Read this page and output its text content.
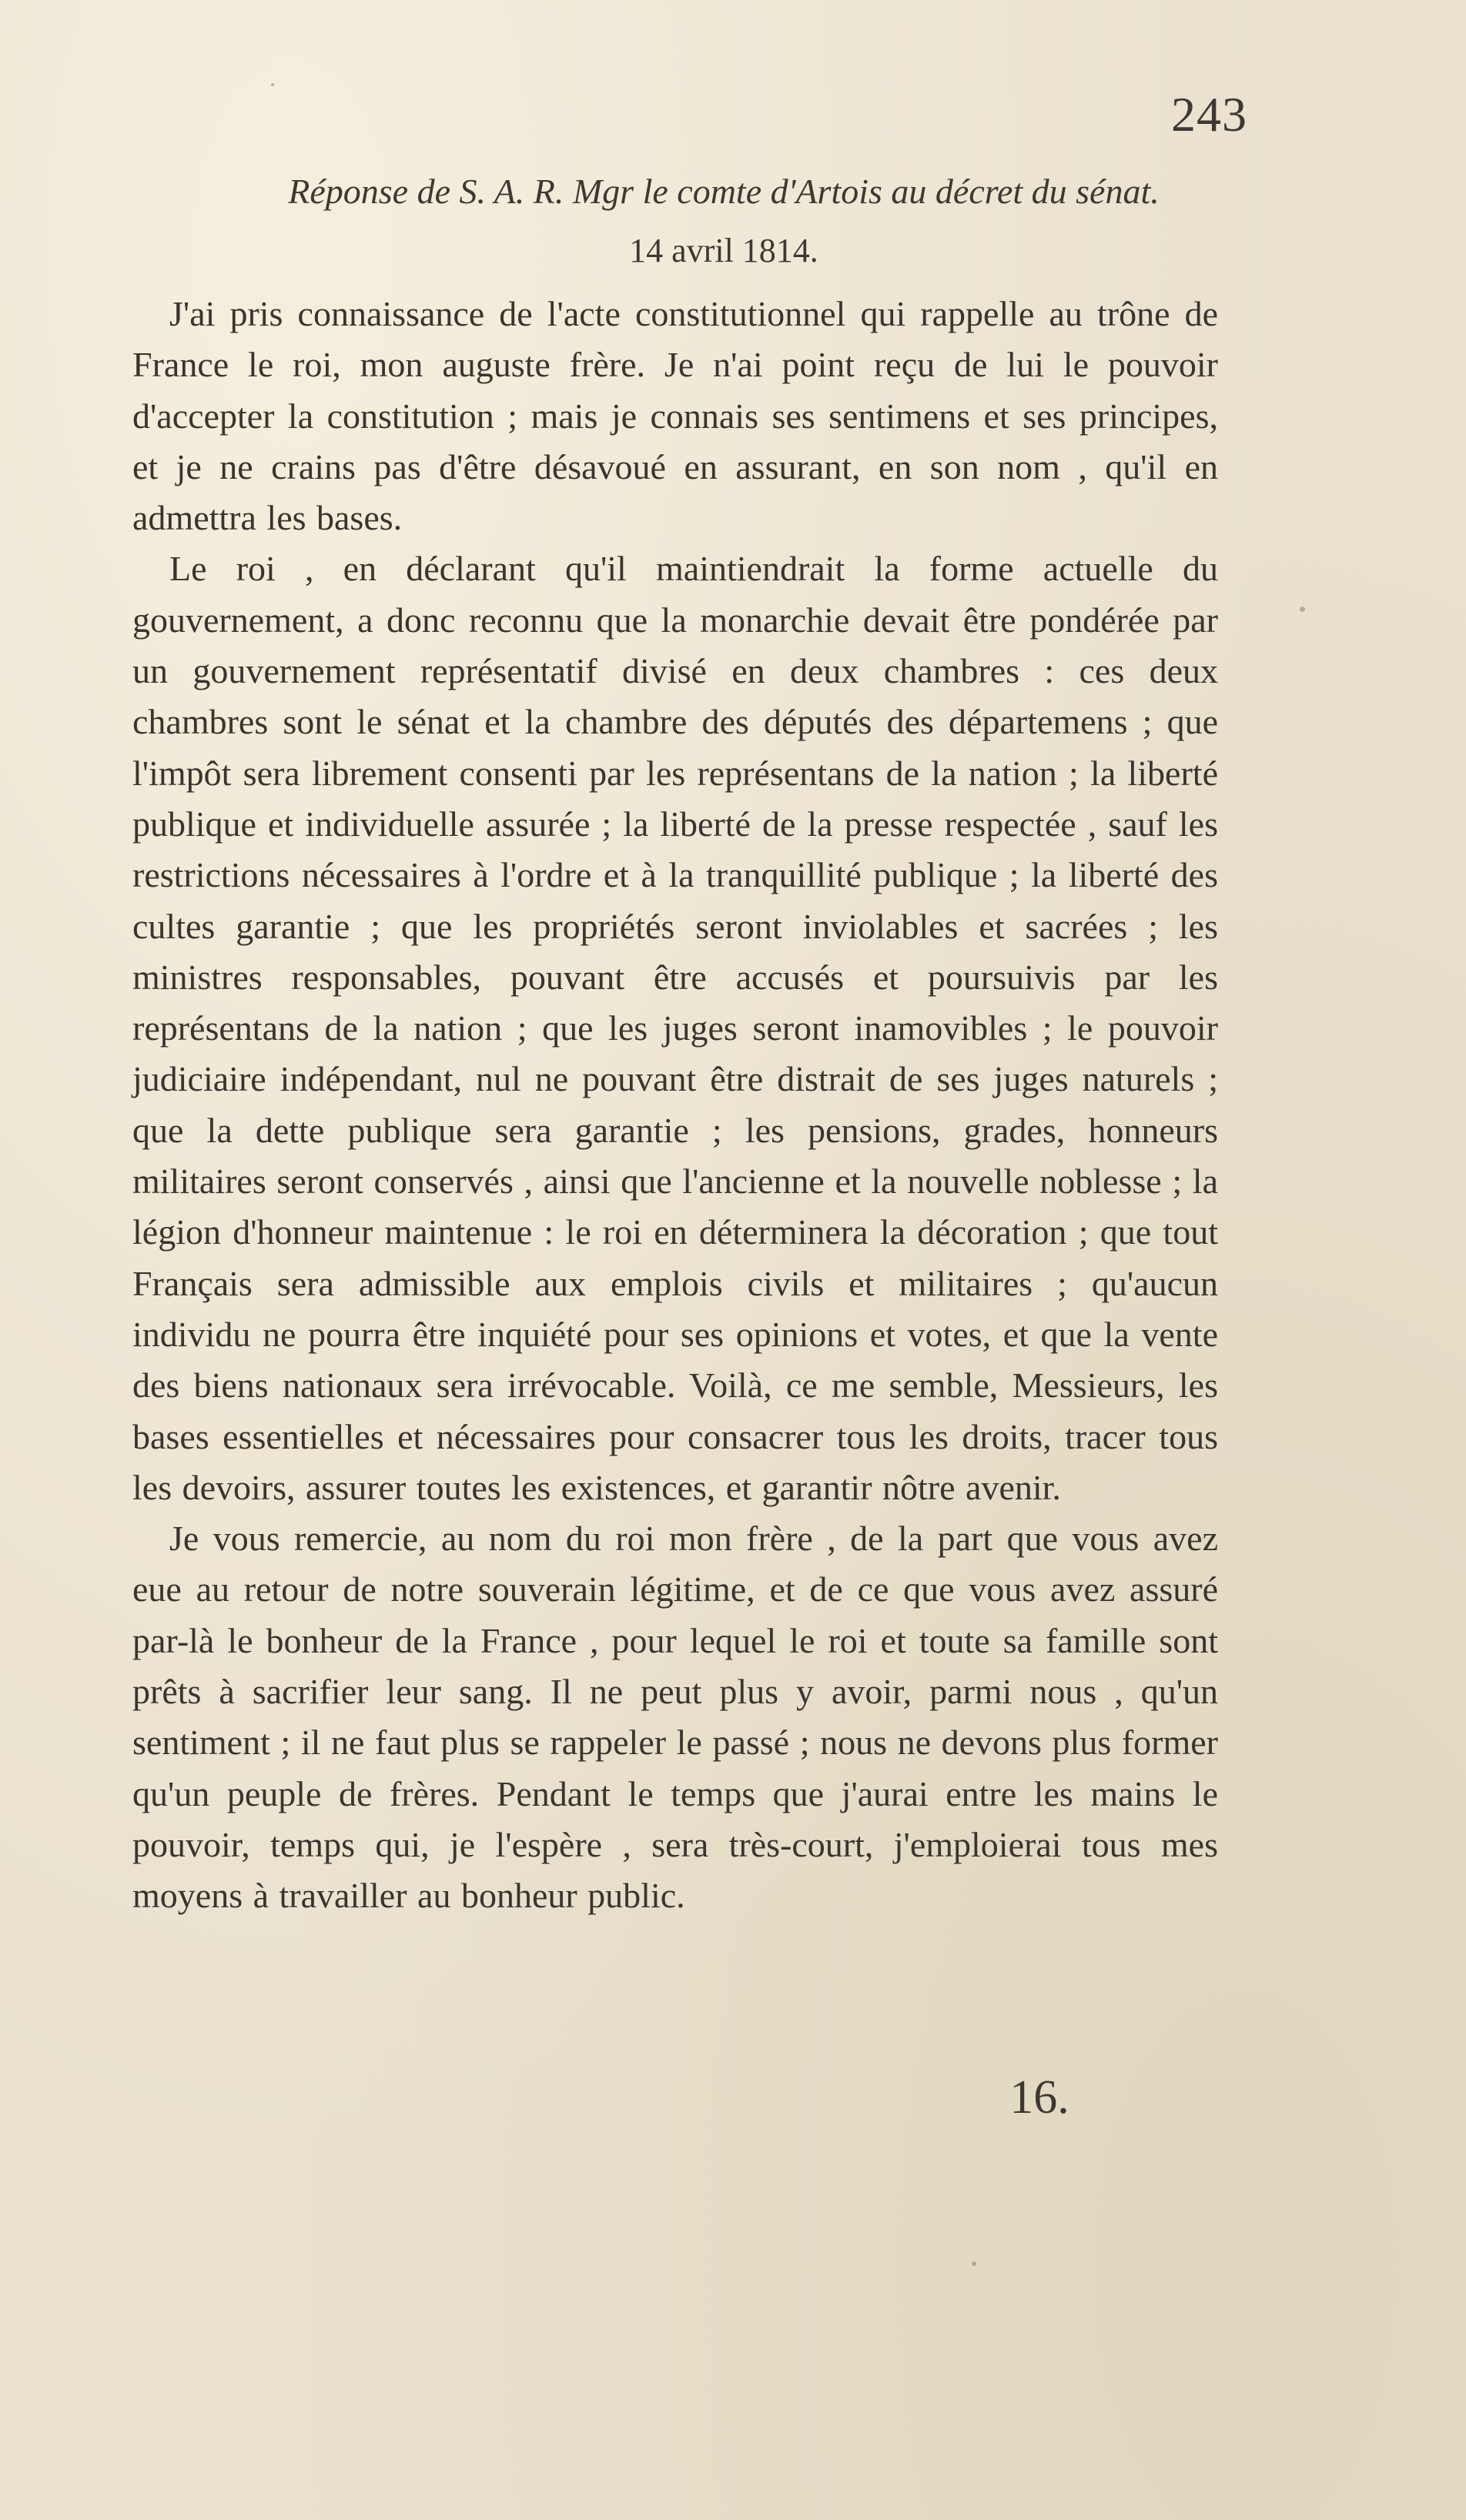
243
Réponse de S. A. R. Mgr le comte d'Artois au décret du sénat.
14 avril 1814.

J'ai pris connaissance de l'acte constitutionnel qui rappelle au trône de France le roi, mon auguste frère. Je n'ai point reçu de lui le pouvoir d'accepter la constitution ; mais je connais ses sentimens et ses principes, et je ne crains pas d'être désavoué en assurant, en son nom , qu'il en admettra les bases.

Le roi , en déclarant qu'il maintiendrait la forme actuelle du gouvernement, a donc reconnu que la monarchie devait être pondérée par un gouvernement représentatif divisé en deux chambres : ces deux chambres sont le sénat et la chambre des députés des départemens ; que l'impôt sera librement consenti par les représentans de la nation ; la liberté publique et individuelle assurée ; la liberté de la presse respectée , sauf les restrictions nécessaires à l'ordre et à la tranquillité publique ; la liberté des cultes garantie ; que les propriétés seront inviolables et sacrées ; les ministres responsables, pouvant être accusés et poursuivis par les représentans de la nation ; que les juges seront inamovibles ; le pouvoir judiciaire indépendant, nul ne pouvant être distrait de ses juges naturels ; que la dette publique sera garantie ; les pensions, grades, honneurs militaires seront conservés , ainsi que l'ancienne et la nouvelle noblesse ; la légion d'honneur maintenue : le roi en déterminera la décoration ; que tout Français sera admissible aux emplois civils et militaires ; qu'aucun individu ne pourra être inquiété pour ses opinions et votes, et que la vente des biens nationaux sera irrévocable. Voilà, ce me semble, Messieurs, les bases essentielles et nécessaires pour consacrer tous les droits, tracer tous les devoirs, assurer toutes les existences, et garantir nôtre avenir.

Je vous remercie, au nom du roi mon frère , de la part que vous avez eue au retour de notre souverain légitime, et de ce que vous avez assuré par-là le bonheur de la France , pour lequel le roi et toute sa famille sont prêts à sacrifier leur sang. Il ne peut plus y avoir, parmi nous , qu'un sentiment ; il ne faut plus se rappeler le passé ; nous ne devons plus former qu'un peuple de frères. Pendant le temps que j'aurai entre les mains le pouvoir, temps qui, je l'espère , sera très-court, j'emploierai tous mes moyens à travailler au bonheur public.

16.
